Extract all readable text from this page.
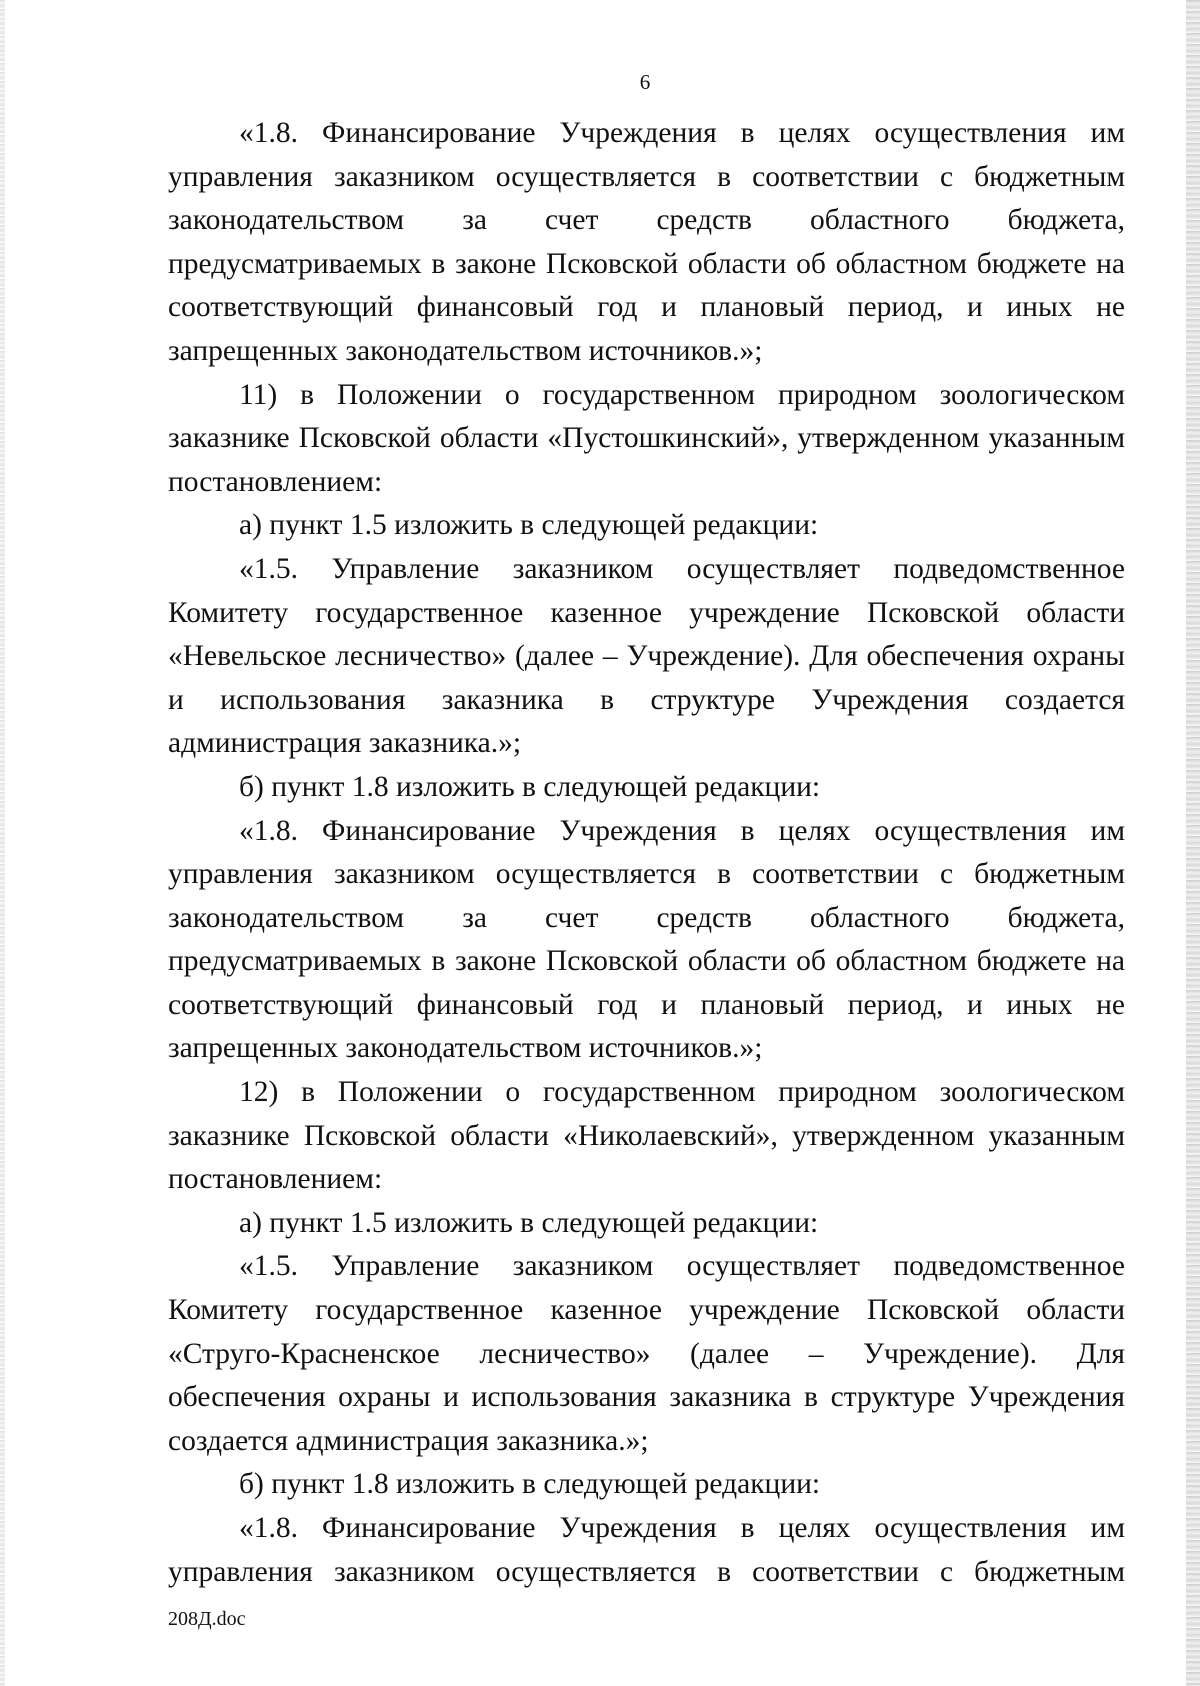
6

«1.8. Финансирование Учреждения в целях осуществления им управления заказником осуществляется в соответствии с бюджетным законодательством за счет средств областного бюджета, предусматриваемых в законе Псковской области об областном бюджете на соответствующий финансовый год и плановый период, и иных не запрещенных законодательством источников.»;

11) в Положении о государственном природном зоологическом заказнике Псковской области «Пустошкинский», утвержденном указанным постановлением:

а) пункт 1.5 изложить в следующей редакции:

«1.5. Управление заказником осуществляет подведомственное Комитету государственное казенное учреждение Псковской области «Невельское лесничество» (далее – Учреждение). Для обеспечения охраны и использования заказника в структуре Учреждения создается администрация заказника.»;

б) пункт 1.8 изложить в следующей редакции:

«1.8. Финансирование Учреждения в целях осуществления им управления заказником осуществляется в соответствии с бюджетным законодательством за счет средств областного бюджета, предусматриваемых в законе Псковской области об областном бюджете на соответствующий финансовый год и плановый период, и иных не запрещенных законодательством источников.»;

12) в Положении о государственном природном зоологическом заказнике Псковской области «Николаевский», утвержденном указанным постановлением:

а) пункт 1.5 изложить в следующей редакции:

«1.5. Управление заказником осуществляет подведомственное Комитету государственное казенное учреждение Псковской области «Струго-Красненское лесничество» (далее – Учреждение). Для обеспечения охраны и использования заказника в структуре Учреждения создается администрация заказника.»;

б) пункт 1.8 изложить в следующей редакции:

«1.8. Финансирование Учреждения в целях осуществления им управления заказником осуществляется в соответствии с бюджетным

208Д.doc
